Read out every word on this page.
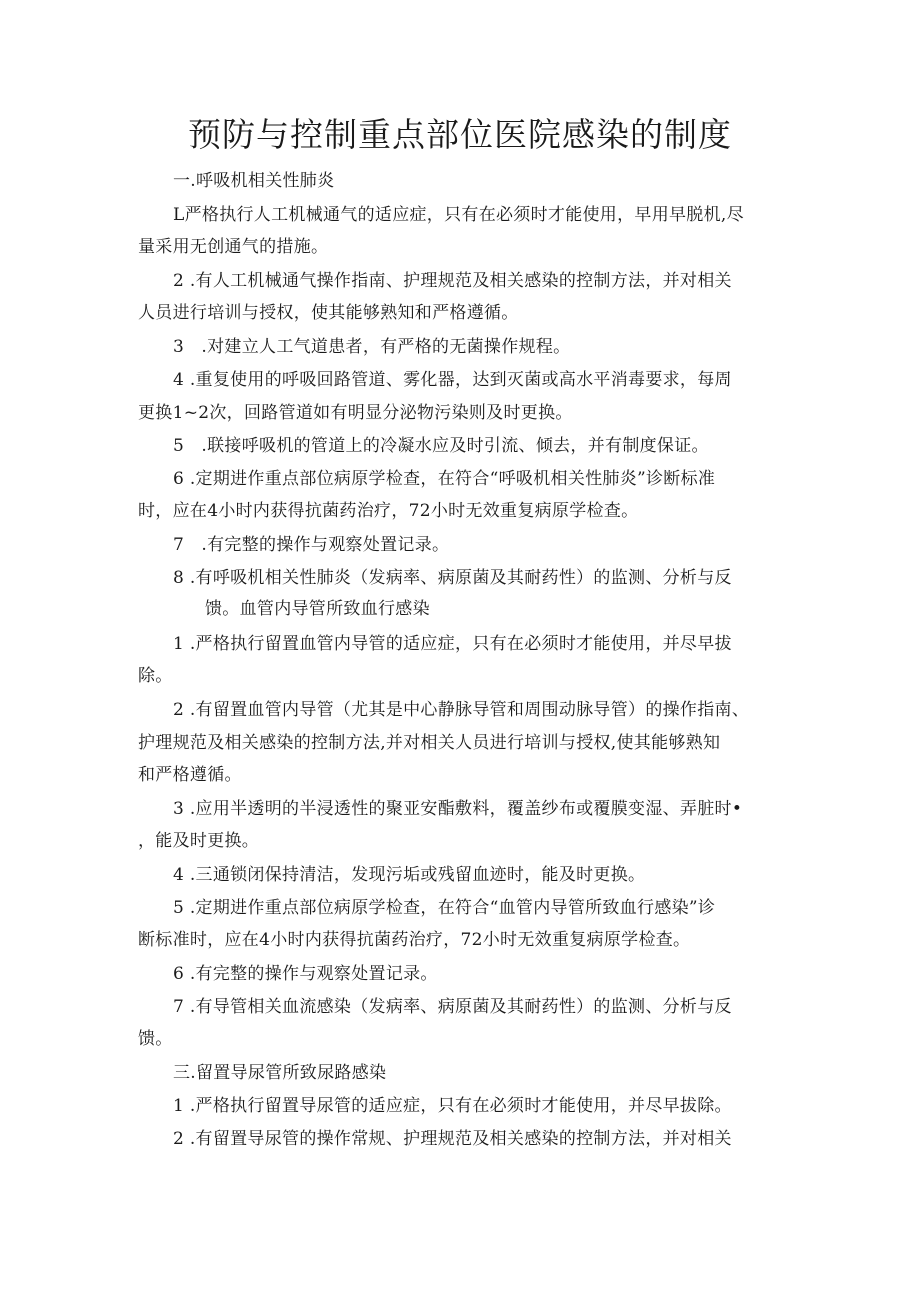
预防与控制重点部位医院感染的制度
一.呼吸机相关性肺炎
L严格执行人工机械通气的适应症，只有在必须时才能使用，早用早脱机,尽
量采用无创通气的措施。
2 .有人工机械通气操作指南、护理规范及相关感染的控制方法，并对相关
人员进行培训与授权，使其能够熟知和严格遵循。
3　.对建立人工气道患者，有严格的无菌操作规程。
4 .重复使用的呼吸回路管道、雾化器，达到灭菌或高水平消毒要求，每周
更换1~2次，回路管道如有明显分泌物污染则及时更换。
5　.联接呼吸机的管道上的冷凝水应及时引流、倾去，并有制度保证。
6 .定期进作重点部位病原学检查，在符合“呼吸机相关性肺炎”诊断标准
时，应在4小时内获得抗菌药治疗，72小时无效重复病原学检查。
7　.有完整的操作与观察处置记录。
8 .有呼吸机相关性肺炎（发病率、病原菌及其耐药性）的监测、分析与反
馈。血管内导管所致血行感染
1 .严格执行留置血管内导管的适应症，只有在必须时才能使用，并尽早拔
除。
2 .有留置血管内导管（尤其是中心静脉导管和周围动脉导管）的操作指南、
护理规范及相关感染的控制方法,并对相关人员进行培训与授权,使其能够熟知
和严格遵循。
3 .应用半透明的半浸透性的聚亚安酯敷料，覆盖纱布或覆膜变湿、弄脏时•
，能及时更换。
4 .三通锁闭保持清洁，发现污垢或残留血迹时，能及时更换。
5 .定期进作重点部位病原学检查，在符合“血管内导管所致血行感染”诊
断标准时，应在4小时内获得抗菌药治疗，72小时无效重复病原学检查。
6 .有完整的操作与观察处置记录。
7 .有导管相关血流感染（发病率、病原菌及其耐药性）的监测、分析与反
馈。
三.留置导尿管所致尿路感染
1 .严格执行留置导尿管的适应症，只有在必须时才能使用，并尽早拔除。
2 .有留置导尿管的操作常规、护理规范及相关感染的控制方法，并对相关
